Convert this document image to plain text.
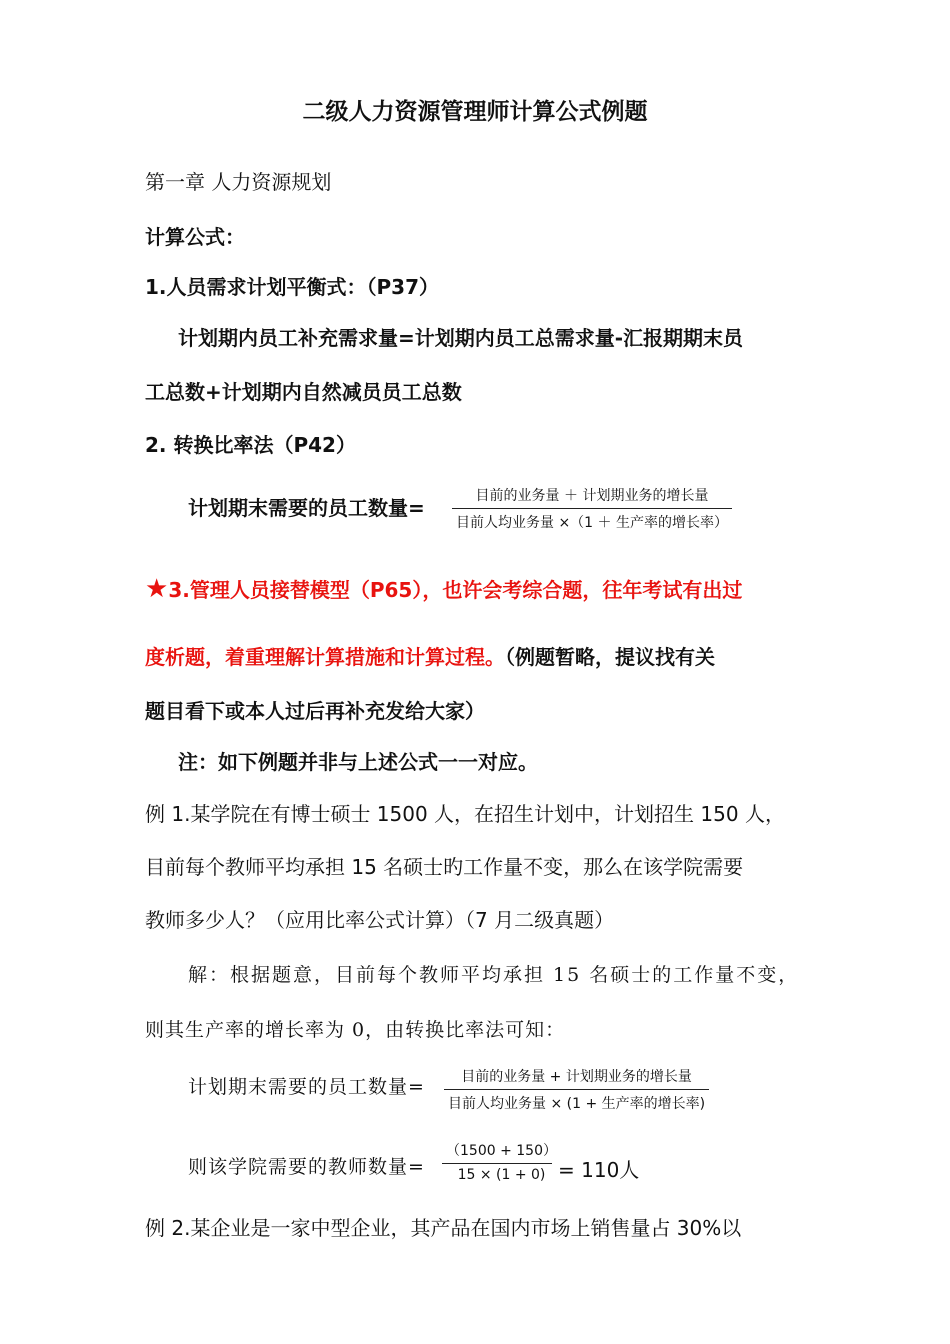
二级人力资源管理师计算公式例题
第一章 人力资源规划
计算公式：
1.人员需求计划平衡式：（P37）
计划期内员工补充需求量=计划期内员工总需求量-汇报期期末员
工总数+计划期内自然减员员工总数
2. 转换比率法（P42）
计划期末需要的员工数量=	目前的业务量 ＋ 计划期业务的增长量
目前人均业务量 ×（1 ＋ 生产率的增长率）
★3.管理人员接替模型（P65），也许会考综合题，往年考试有出过
度析题，着重理解计算措施和计算过程。（例题暂略，提议找有关
题目看下或本人过后再补充发给大家）
注：如下例题并非与上述公式一一对应。
例 1.某学院在有博士硕士 1500 人，在招生计划中，计划招生 150 人，
目前每个教师平均承担 15 名硕士旳工作量不变，那么在该学院需要
教师多少人？（应用比率公式计算）（7 月二级真题）
解：根据题意，目前每个教师平均承担 15 名硕士的工作量不变，
则其生产率的增长率为 0，由转换比率法可知：
计划期末需要的员工数量=	目前的业务量 + 计划期业务的增长量
目前人均业务量 × (1 + 生产率的增长率)
则该学院需要的教师数量=
（1500 + 150）
15 × (1 + 0) = 110人
例 2.某企业是一家中型企业，其产品在国内市场上销售量占 30%以
